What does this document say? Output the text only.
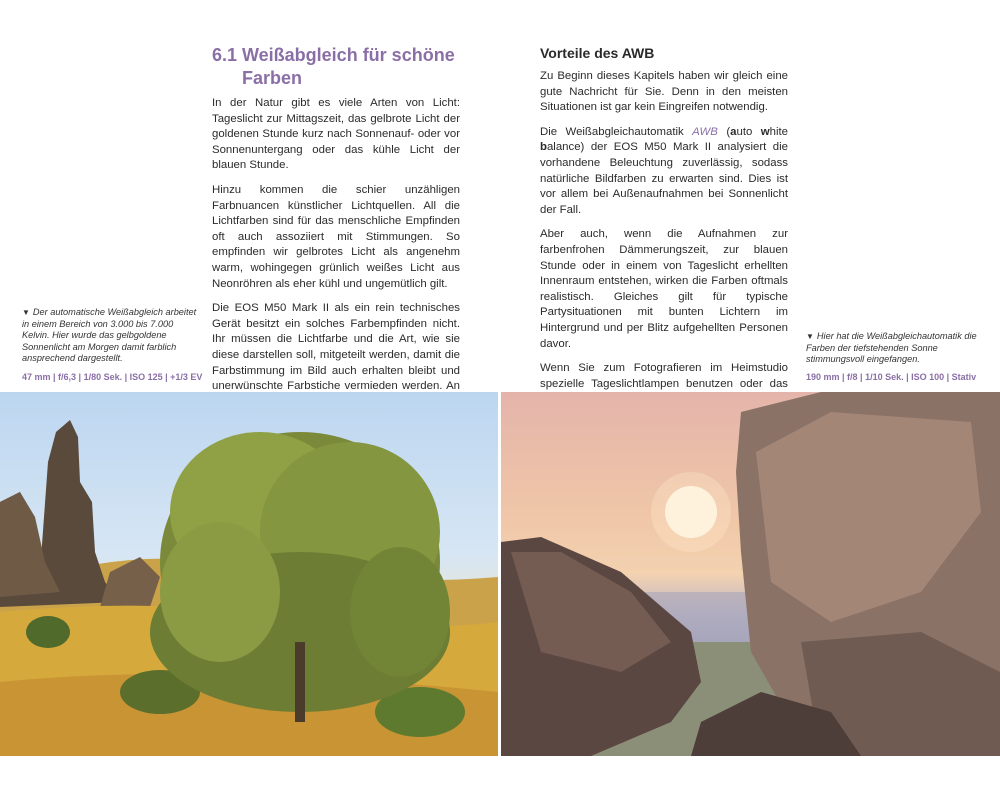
6.1 Weißabgleich für schöne
Farben

In der Natur gibt es viele Arten von Licht: Tageslicht zur Mittagszeit, das gelbrote Licht der goldenen Stunde kurz nach Sonnenauf- oder vor Sonnenuntergang oder das kühle Licht der blauen Stunde.

Hinzu kommen die schier unzähligen Farbnuancen künstlicher Lichtquellen. All die Lichtfarben sind für das menschliche Empfinden oft auch assoziiert mit Stimmungen. So empfinden wir gelbrotes Licht als angenehm warm, wohingegen grünlich weißes Licht aus Neonröhren als eher kühl und ungemütlich gilt.

Die EOS M50 Mark II als ein rein technisches Gerät besitzt ein solches Farbempfinden nicht. Ihr müssen die Lichtfarbe und die Art, wie sie diese darstellen soll, mitgeteilt werden, damit die Farbstimmung im Bild auch erhalten bleibt und unerwünschte Farbstiche vermieden werden. An

Vorteile des AWB

Zu Beginn dieses Kapitels haben wir gleich eine gute Nachricht für Sie. Denn in den meisten Situationen ist gar kein Eingreifen notwendig.

Die Weißabgleichautomatik AWB (auto white balance) der EOS M50 Mark II analysiert die vorhandene Beleuchtung zuverlässig, sodass natürliche Bildfarben zu erwarten sind. Dies ist vor allem bei Außenaufnahmen bei Sonnenlicht der Fall.

Aber auch, wenn die Aufnahmen zur farbenfrohen Dämmerungszeit, zur blauen Stunde oder in einem von Tageslicht erhellten Innenraum entstehen, wirken die Farben oftmals realistisch. Gleiches gilt für typische Partysituationen mit bunten Lichtern im Hintergrund und per Blitz aufgehellten Personen davor.

Wenn Sie zum Fotografieren im Heimstudio spezielle Tageslichtlampen benutzen oder das

▼ Der automatische Weißabgleich arbeitet in einem Bereich von 3.000 bis 7.000 Kelvin. Hier wurde das gelbgoldene Sonnenlicht am Morgen damit farblich ansprechend dargestellt.
47 mm | f/6,3 | 1/80 Sek. | ISO 125 | +1/3 EV
▼ Hier hat die Weißabgleichautomatik die Farben der tiefstehenden Sonne stimmungsvoll eingefangen.
190 mm | f/8 | 1/10 Sek. | ISO 100 | Stativ
